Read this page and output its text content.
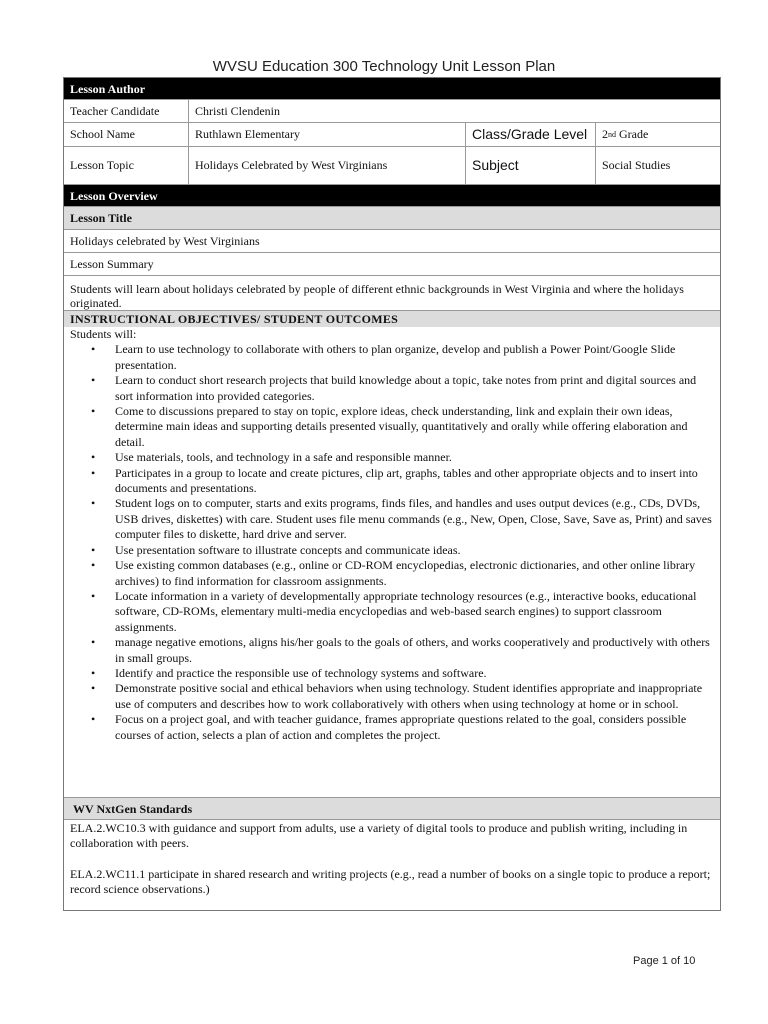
WVSU Education 300 Technology Unit Lesson Plan
Lesson Author
Teacher Candidate	Christi Clendenin
School Name	Ruthlawn Elementary	Class/Grade Level	2 nd Grade
Lesson Topic	Holidays Celebrated by West Virginians	Subject	Social Studies
Lesson Overview
Lesson Title
Holidays celebrated by West Virginians
Lesson Summary
Students will learn about holidays celebrated by people of different ethnic backgrounds in West Virginia and where the holidays originated.
INSTRUCTIONAL OBJECTIVES/ STUDENT OUTCOMES
Students will:
• Learn to use technology to collaborate with others to plan organize, develop and publish a Power Point/Google Slide presentation.
• Learn to conduct short research projects that build knowledge about a topic, take notes from print and digital sources and sort information into provided categories.
• Come to discussions prepared to stay on topic, explore ideas, check understanding, link and explain their own ideas, determine main ideas and supporting details presented visually, quantitatively and orally while offering elaboration and detail.
• Use materials, tools, and technology in a safe and responsible manner.
• Participates in a group to locate and create pictures, clip art, graphs, tables and other appropriate objects and to insert into documents and presentations.
• Student logs on to computer, starts and exits programs, finds files, and handles and uses output devices (e.g., CDs, DVDs, USB drives, diskettes) with care. Student uses file menu commands (e.g., New, Open, Close, Save, Save as, Print) and saves computer files to diskette, hard drive and server.
• Use presentation software to illustrate concepts and communicate ideas.
• Use existing common databases (e.g., online or CD-ROM encyclopedias, electronic dictionaries, and other online library archives) to find information for classroom assignments.
• Locate information in a variety of developmentally appropriate technology resources (e.g., interactive books, educational software, CD-ROMs, elementary multi-media encyclopedias and web-based search engines) to support classroom assignments.
• manage negative emotions, aligns his/her goals to the goals of others, and works cooperatively and productively with others in small groups.
• Identify and practice the responsible use of technology systems and software.
• Demonstrate positive social and ethical behaviors when using technology. Student identifies appropriate and inappropriate use of computers and describes how to work collaboratively with others when using technology at home or in school.
• Focus on a project goal, and with teacher guidance, frames appropriate questions related to the goal, considers possible courses of action, selects a plan of action and completes the project.
WV NxtGen Standards

ELA.2.WC10.3 with guidance and support from adults, use a variety of digital tools to produce and publish writing, including in collaboration with peers.

ELA.2.WC11.1 participate in shared research and writing projects (e.g., read a number of books on a single topic to produce a report; record science observations.)

Page 1 of 10
